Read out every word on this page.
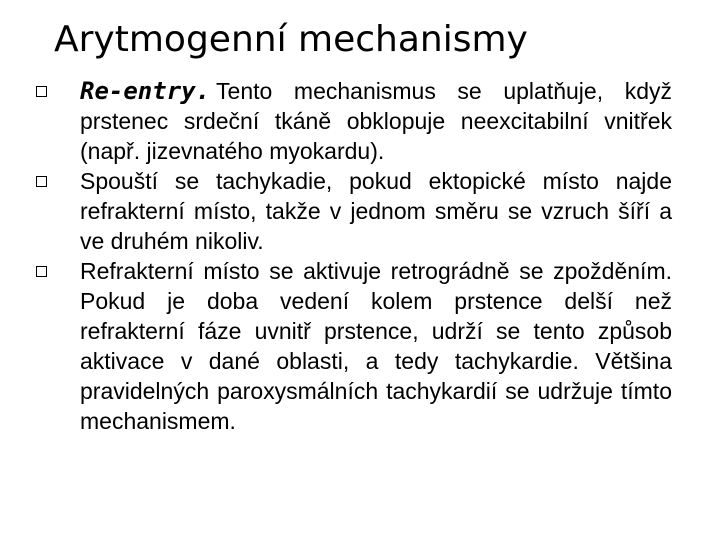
Arytmogenní mechanismy
Re-entry. Tento mechanismus se uplatňuje, když prstenec srdeční tkáně obklopuje neexcitabilní vnitřek (např. jizevnatého myokardu).
Spouští se tachykadie, pokud ektopické místo najde refrakterní místo, takže v jednom směru se vzruch šíří a ve druhém nikoliv.
Refrakterní místo se aktivuje retrográdně se zpožděním. Pokud je doba vedení kolem prstence delší než refrakterní fáze uvnitř prstence, udrží se tento způsob aktivace v dané oblasti, a tedy tachykardie. Většina pravidelných paroxysmálních tachykardií se udržuje tímto mechanismem.
